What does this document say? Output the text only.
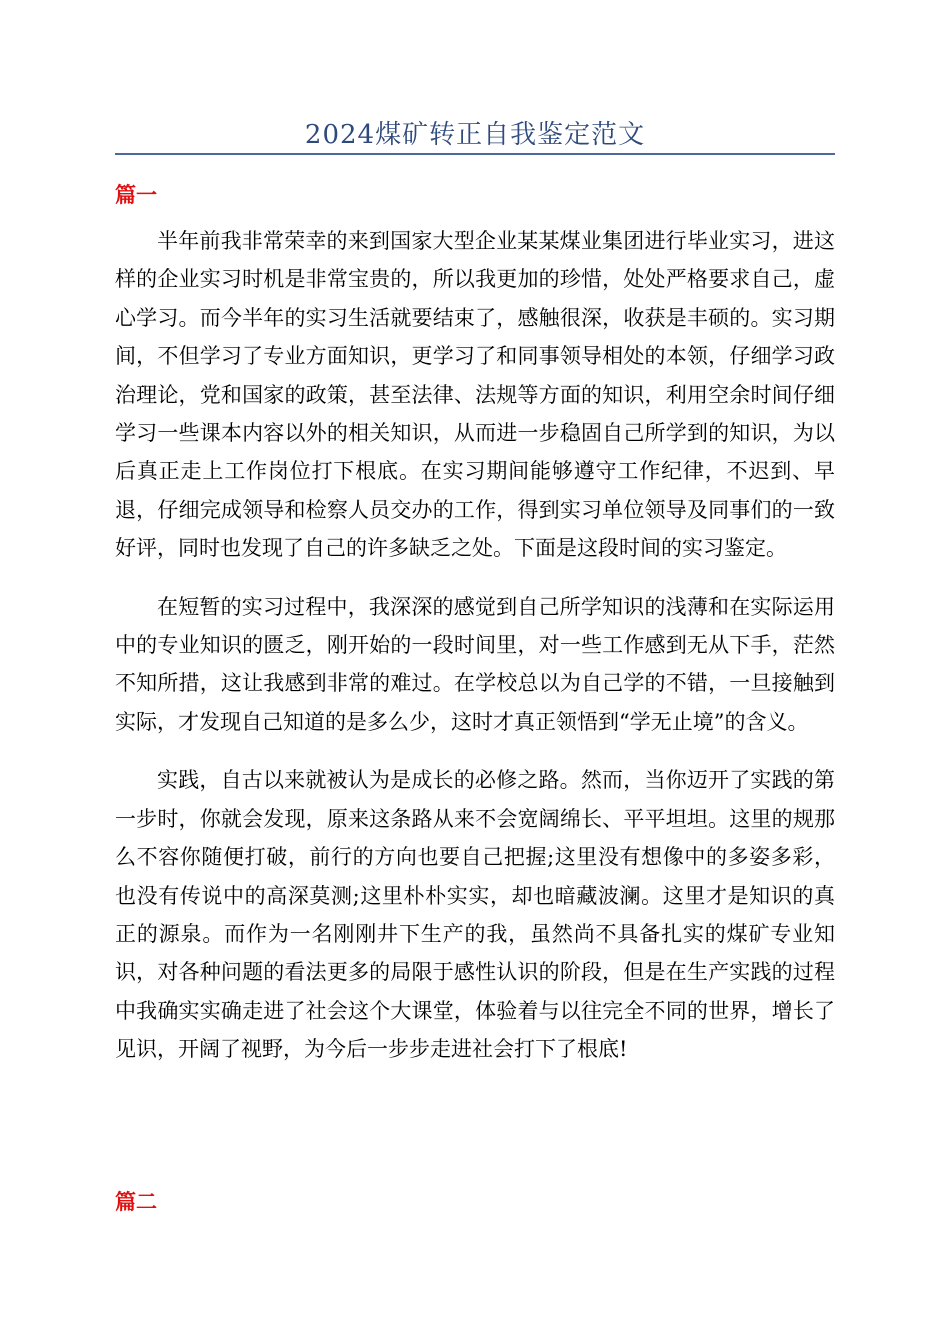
2024煤矿转正自我鉴定范文
篇一

半年前我非常荣幸的来到国家大型企业某某煤业集团进行毕业实习，进这样的企业实习时机是非常宝贵的，所以我更加的珍惜，处处严格要求自己，虚心学习。而今半年的实习生活就要结束了，感触很深，收获是丰硕的。实习期间，不但学习了专业方面知识，更学习了和同事领导相处的本领，仔细学习政治理论，党和国家的政策，甚至法律、法规等方面的知识，利用空余时间仔细学习一些课本内容以外的相关知识，从而进一步稳固自己所学到的知识，为以后真正走上工作岗位打下根底。在实习期间能够遵守工作纪律，不迟到、早退，仔细完成领导和检察人员交办的工作，得到实习单位领导及同事们的一致好评，同时也发现了自己的许多缺乏之处。下面是这段时间的实习鉴定。

在短暂的实习过程中，我深深的感觉到自己所学知识的浅薄和在实际运用中的专业知识的匮乏，刚开始的一段时间里，对一些工作感到无从下手，茫然不知所措，这让我感到非常的难过。在学校总以为自己学的不错，一旦接触到实际，才发现自己知道的是多么少，这时才真正领悟到“学无止境”的含义。

实践，自古以来就被认为是成长的必修之路。然而，当你迈开了实践的第一步时，你就会发现，原来这条路从来不会宽阔绵长、平平坦坦。这里的规那么不容你随便打破，前行的方向也要自己把握;这里没有想像中的多姿多彩，也没有传说中的高深莫测;这里朴朴实实，却也暗藏波澜。这里才是知识的真正的源泉。而作为一名刚刚井下生产的我，虽然尚不具备扎实的煤矿专业知识，对各种问题的看法更多的局限于感性认识的阶段，但是在生产实践的过程中我确实实确走进了社会这个大课堂，体验着与以往完全不同的世界，增长了见识，开阔了视野，为今后一步步走进社会打下了根底!

篇二
